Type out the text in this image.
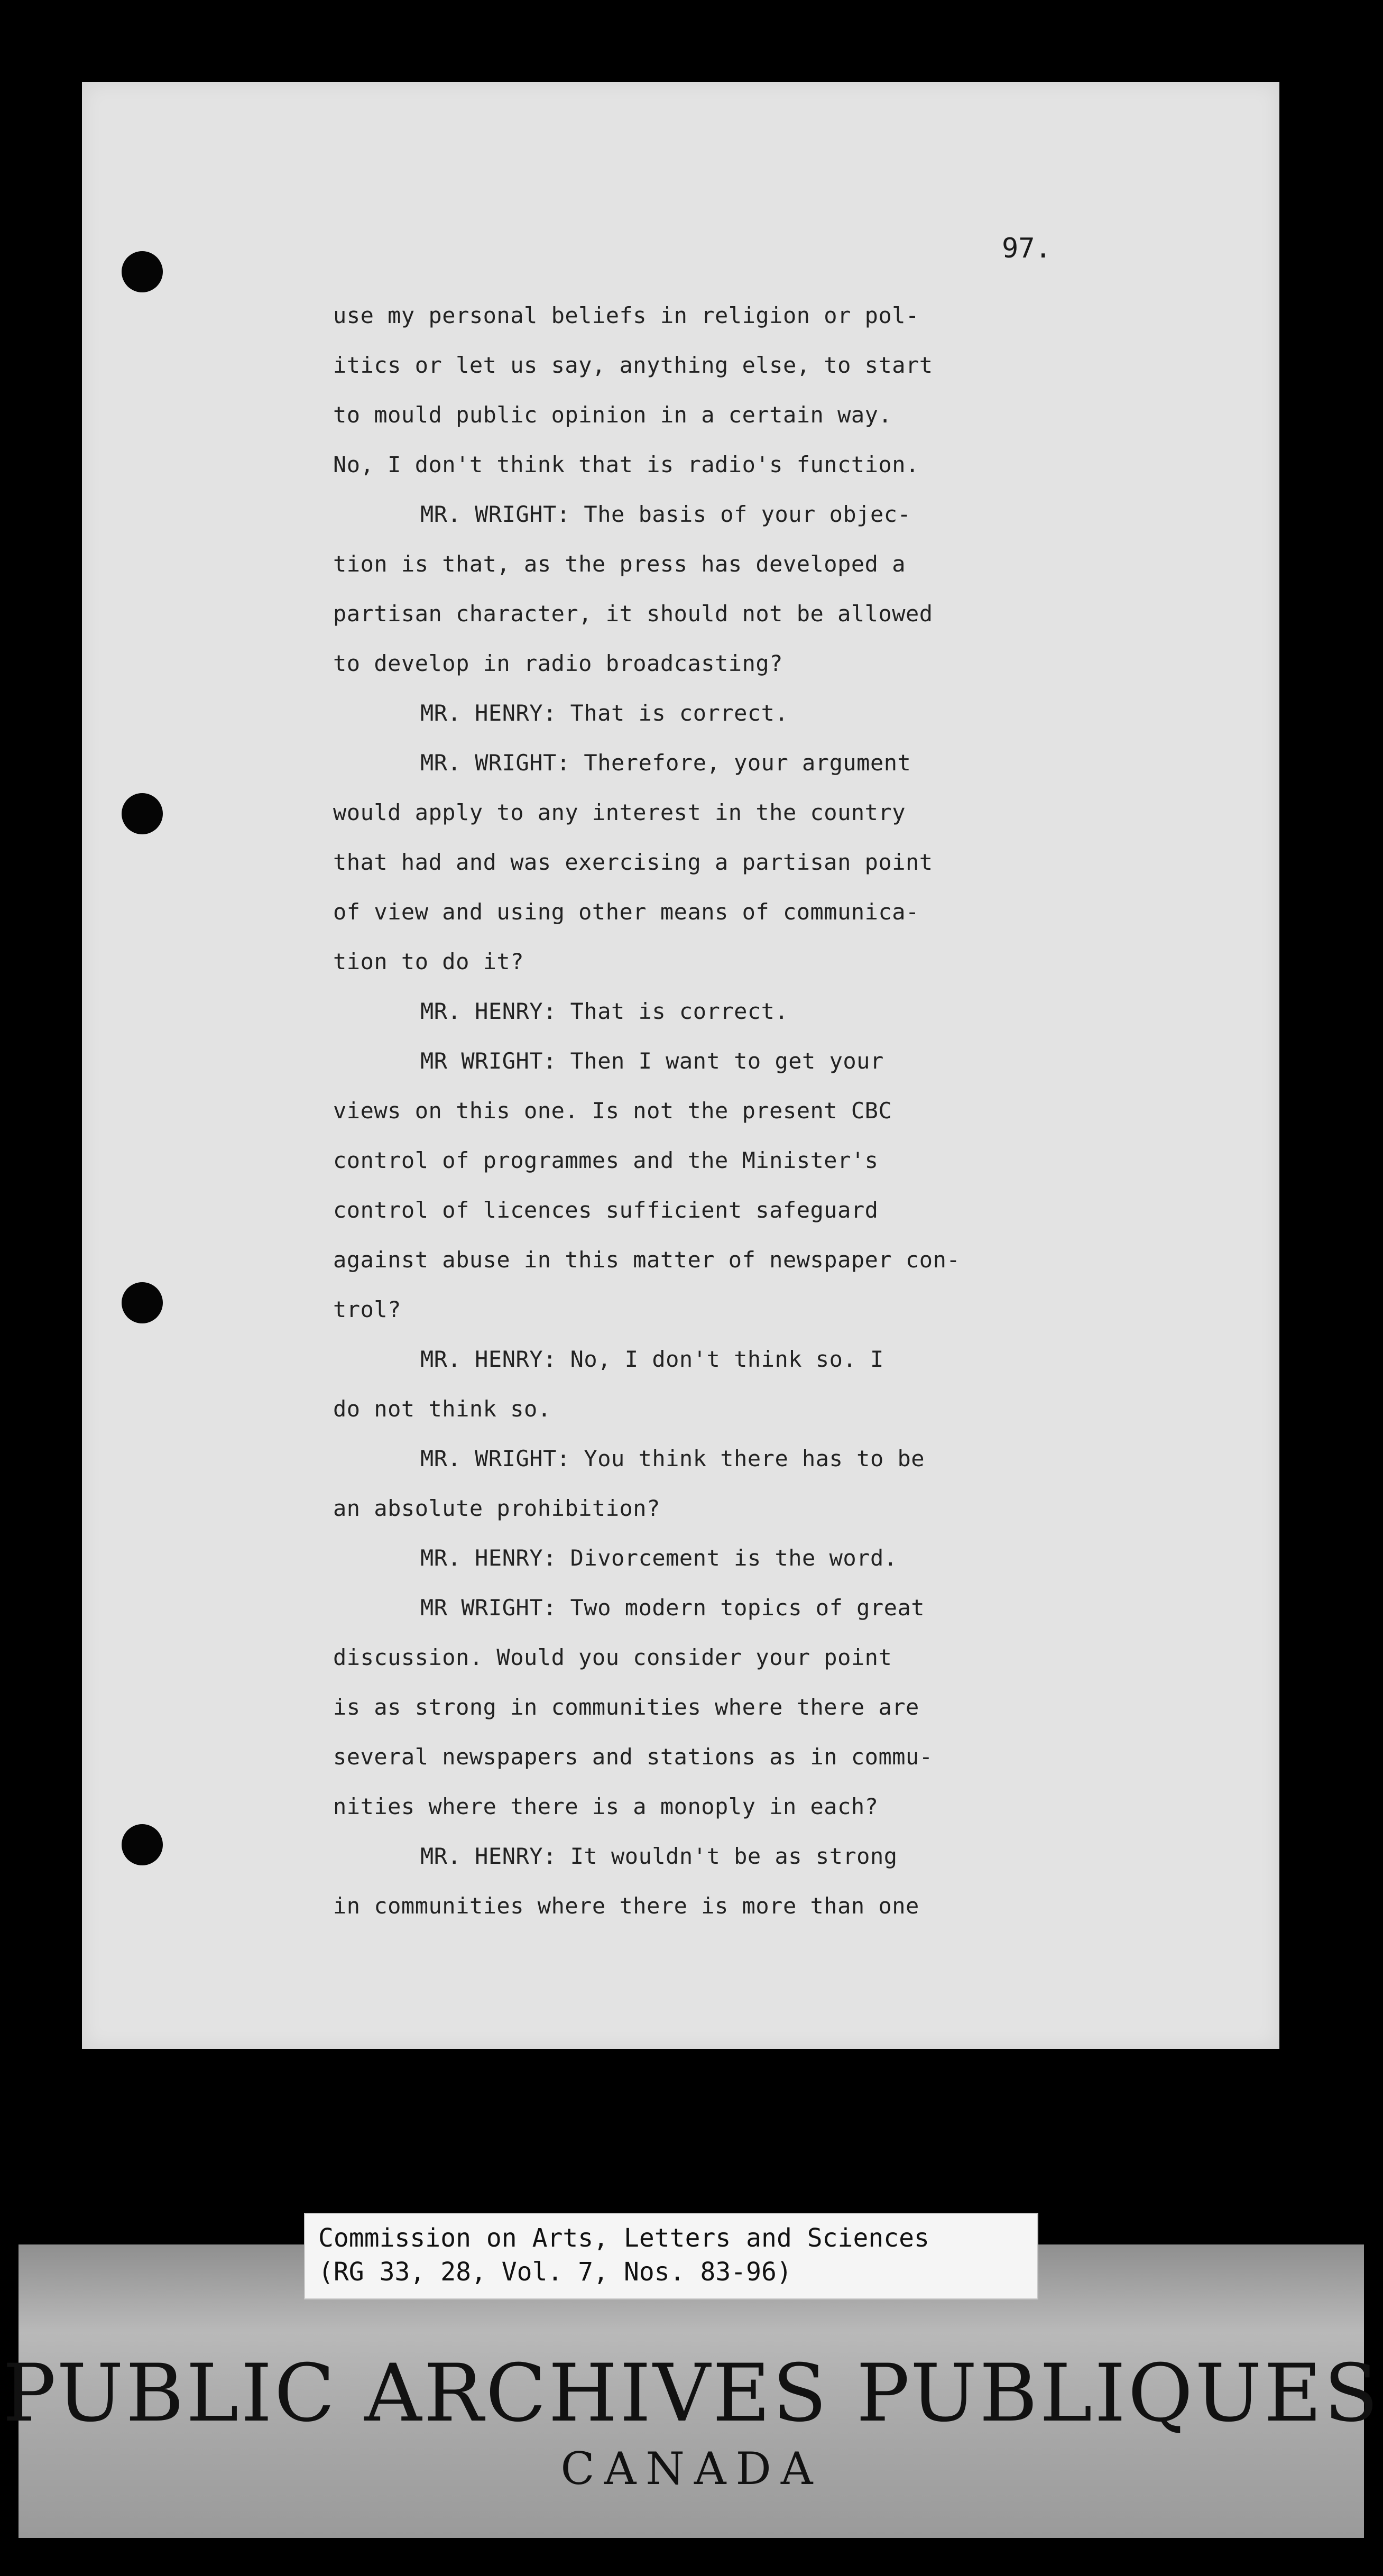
97.
use my personal beliefs in religion or pol-
itics or let us say, anything else, to start
to mould public opinion in a certain way.
No, I don't think that is radio's function.
MR. WRIGHT: The basis of your objec-
tion is that, as the press has developed a
partisan character, it should not be allowed
to develop in radio broadcasting?
MR. HENRY: That is correct.
MR. WRIGHT: Therefore, your argument
would apply to any interest in the country
that had and was exercising a partisan point
of view and using other means of communica-
tion to do it?
MR. HENRY: That is correct.
MR WRIGHT: Then I want to get your
views on this one. Is not the present CBC
control of programmes and the Minister's
control of licences sufficient safeguard
against abuse in this matter of newspaper con-
trol?
MR. HENRY: No, I don't think so. I
do not think so.
MR. WRIGHT: You think there has to be
an absolute prohibition?
MR. HENRY: Divorcement is the word.
MR WRIGHT: Two modern topics of great
discussion. Would you consider your point
is as strong in communities where there are
several newspapers and stations as in commu-
nities where there is a monoply in each?
MR. HENRY: It wouldn't be as strong
in communities where there is more than one
Commission on Arts, Letters and Sciences
(RG 33, 28, Vol. 7, Nos. 83-96)
PUBLIC ARCHIVES PUBLIQUES
CANADA
